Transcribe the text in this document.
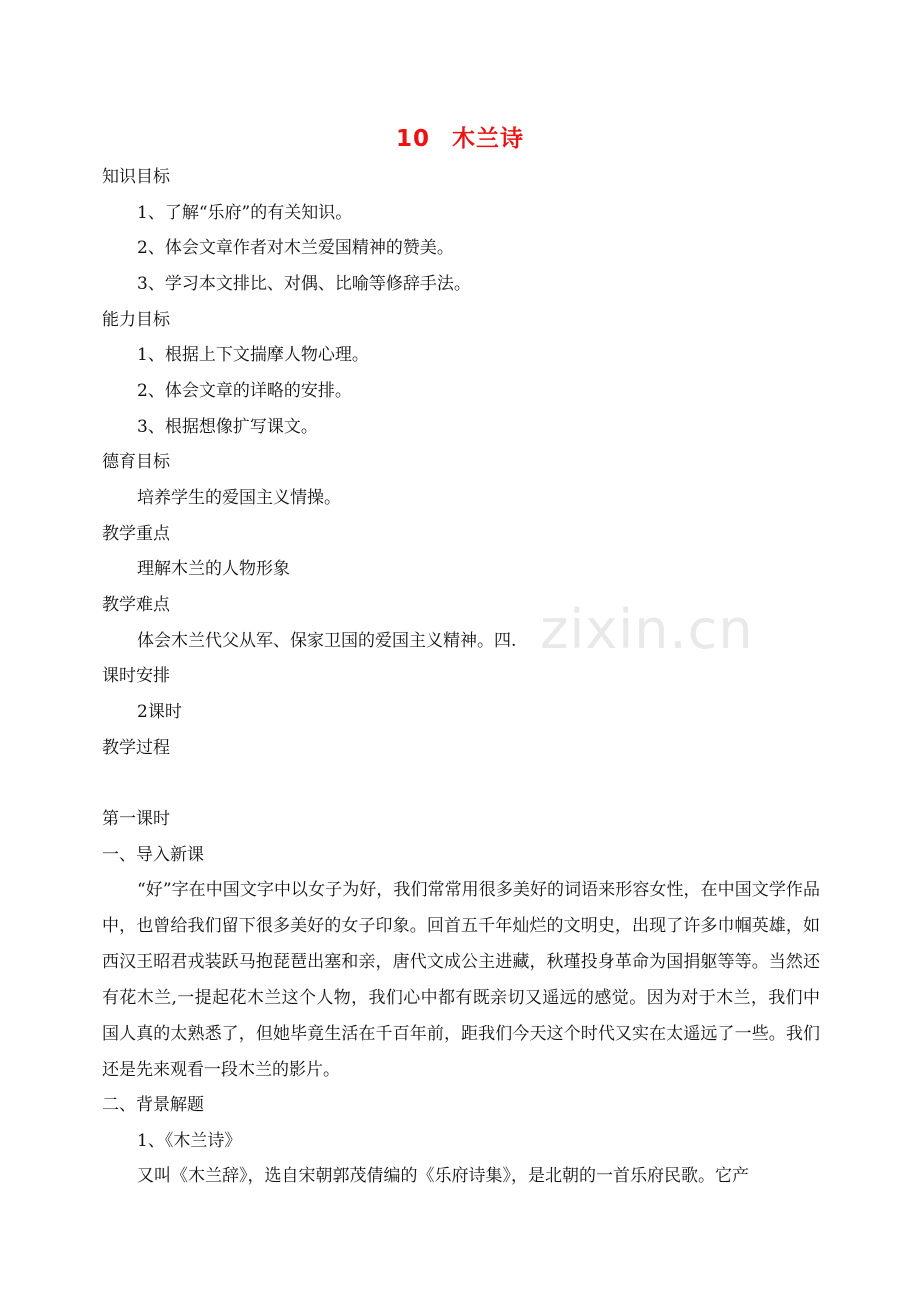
10 木兰诗
知识目标
1、了解“乐府”的有关知识。
2、体会文章作者对木兰爱国精神的赞美。
3、学习本文排比、对偶、比喻等修辞手法。
能力目标
1、根据上下文揣摩人物心理。
2、体会文章的详略的安排。
3、根据想像扩写课文。
德育目标
培养学生的爱国主义情操。
教学重点
理解木兰的人物形象
教学难点
体会木兰代父从军、保家卫国的爱国主义精神。四.
课时安排
2课时
教学过程
第一课时
一、导入新课

“好”字在中国文字中以女子为好，我们常常用很多美好的词语来形容女性，在中国文学作品中，也曾给我们留下很多美好的女子印象。回首五千年灿烂的文明史，出现了许多巾帼英雄，如西汉王昭君戎装跃马抱琵琶出塞和亲，唐代文成公主进藏，秋瑾投身革命为国捐躯等等。当然还有花木兰,一提起花木兰这个人物，我们心中都有既亲切又遥远的感觉。因为对于木兰，我们中国人真的太熟悉了，但她毕竟生活在千百年前，距我们今天这个时代又实在太遥远了一些。我们还是先来观看一段木兰的影片。

二、背景解题
1、《木兰诗》

又叫《木兰辞》，选自宋朝郭茂倩编的《乐府诗集》，是北朝的一首乐府民歌。它产

zixin.cn
